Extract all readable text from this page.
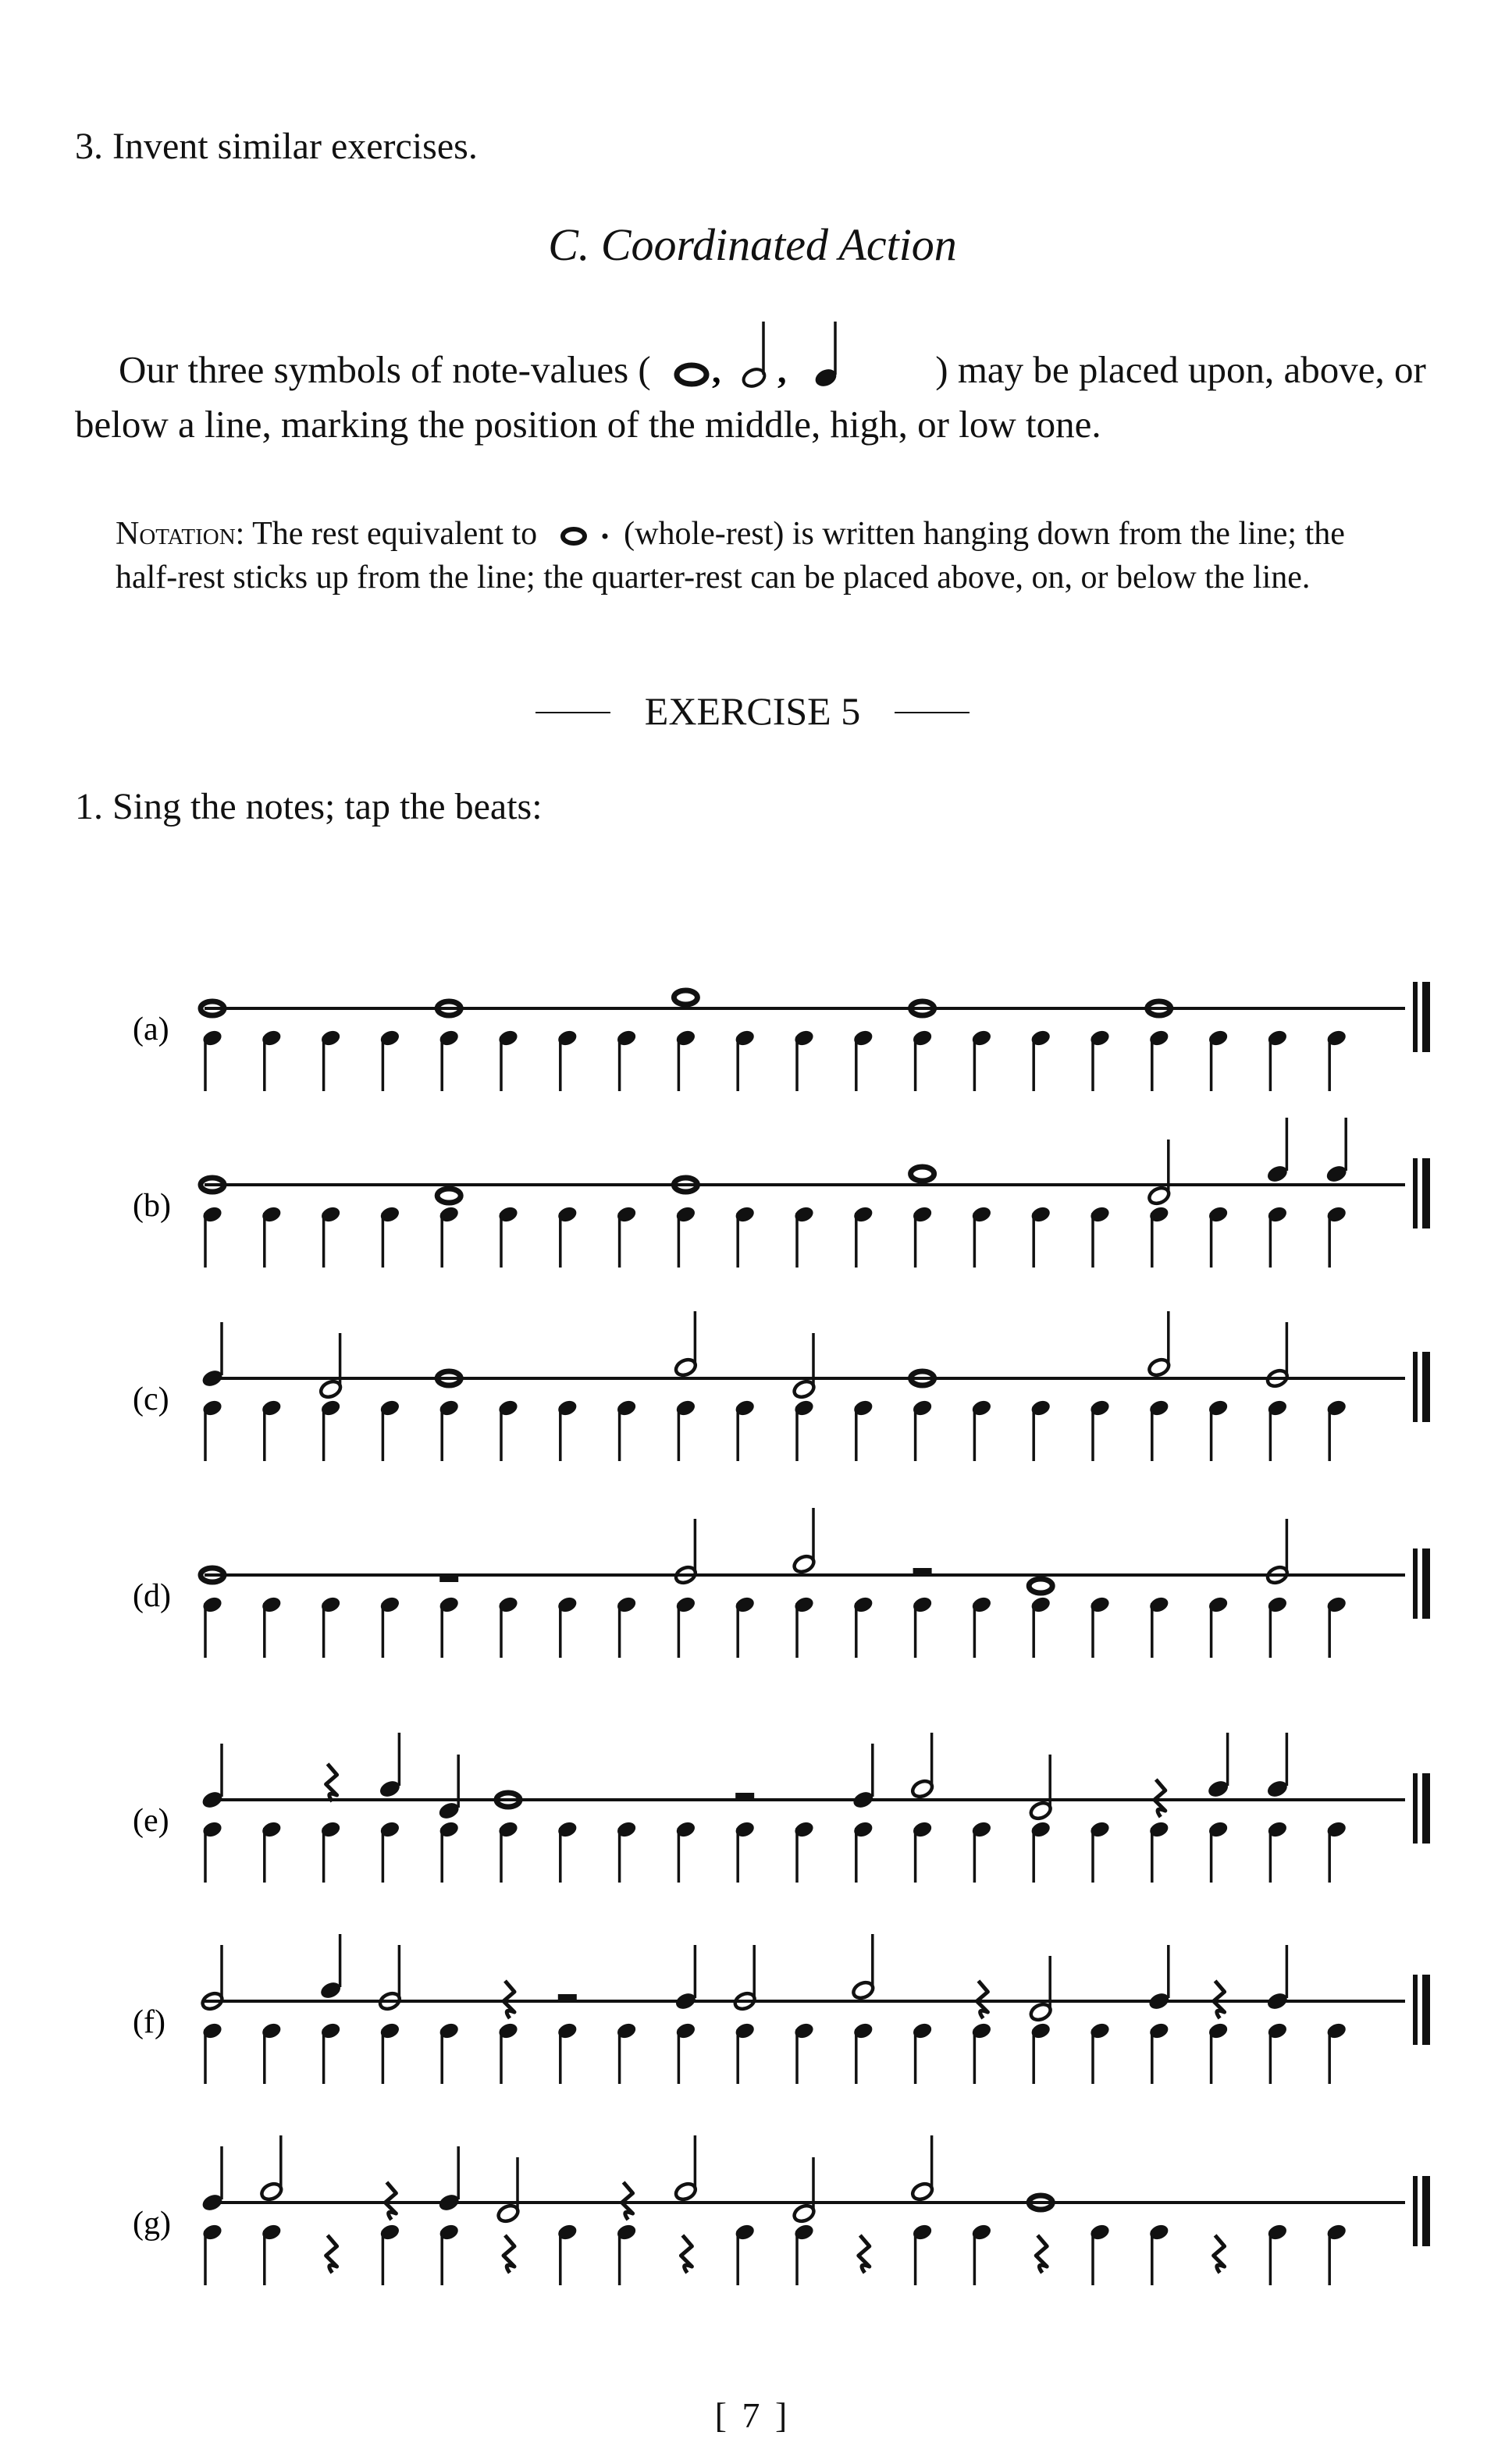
3. Invent similar exercises.
C. Coordinated Action
Our three symbols of note-values ( , ,	) may be placed upon, above, or below a line, marking the position of the middle, high, or low tone.
Notation: The rest equivalent to	(whole-rest) is written hanging down from the line; the half-rest sticks up from the line; the quarter-rest can be placed above, on, or below the line.
EXERCISE 5
1. Sing the notes; tap the beats:
(a)
(b)
(c)
(d)
(e)
(f)
(g)
[ 7 ]
